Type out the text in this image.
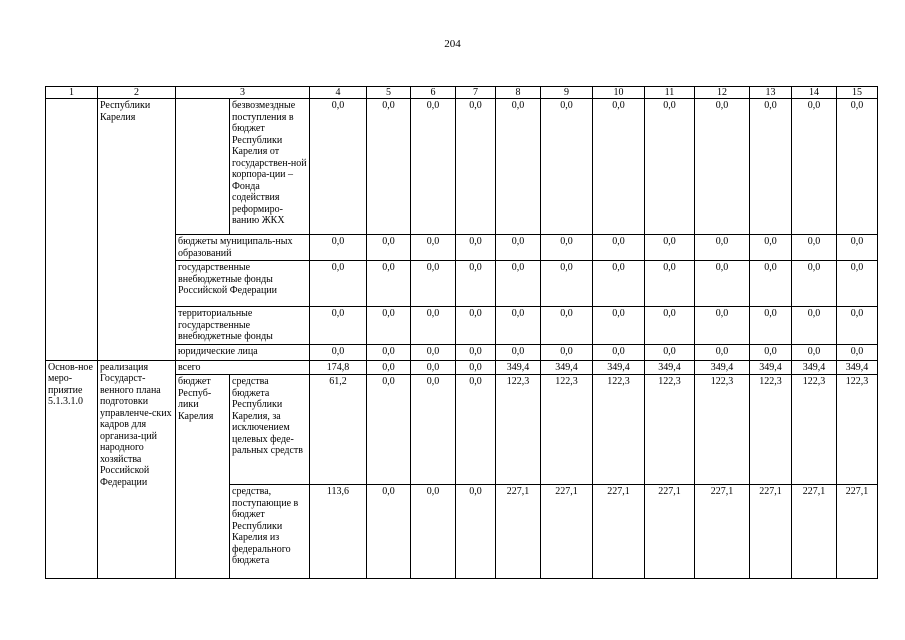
204
1	2	3		4	5	6	7	8	9	10	11	12	13	14	15
	Республики Карелия		безвозмездные поступления в бюджет Республики Карелия от государствен-ной корпора-ции – Фонда содействия реформиро-ванию ЖКХ	0,0	0,0	0,0	0,0	0,0	0,0	0,0	0,0	0,0	0,0	0,0	0,0
		бюджеты муниципаль-ных образований		0,0	0,0	0,0	0,0	0,0	0,0	0,0	0,0	0,0	0,0	0,0	0,0
		государственные внебюджетные фонды Российской Федерации		0,0	0,0	0,0	0,0	0,0	0,0	0,0	0,0	0,0	0,0	0,0	0,0
		территориальные государственные внебюджетные фонды		0,0	0,0	0,0	0,0	0,0	0,0	0,0	0,0	0,0	0,0	0,0	0,0
		юридические лица		0,0	0,0	0,0	0,0	0,0	0,0	0,0	0,0	0,0	0,0	0,0	0,0
Основ-ное меро-приятие 5.1.3.1.0	реализация Государст-венного плана подготовки управленче-ских кадров для организа-ций народного хозяйства Российской Федерации	всего		174,8	0,0	0,0	0,0	349,4	349,4	349,4	349,4	349,4	349,4	349,4	349,4
		бюджет Респуб-лики Карелия	средства бюджета Республики Карелия, за исключением целевых феде-ральных средств	61,2	0,0	0,0	0,0	122,3	122,3	122,3	122,3	122,3	122,3	122,3	122,3
			средства, поступающие в бюджет Республики Карелия из федерального бюджета	113,6	0,0	0,0	0,0	227,1	227,1	227,1	227,1	227,1	227,1	227,1	227,1
